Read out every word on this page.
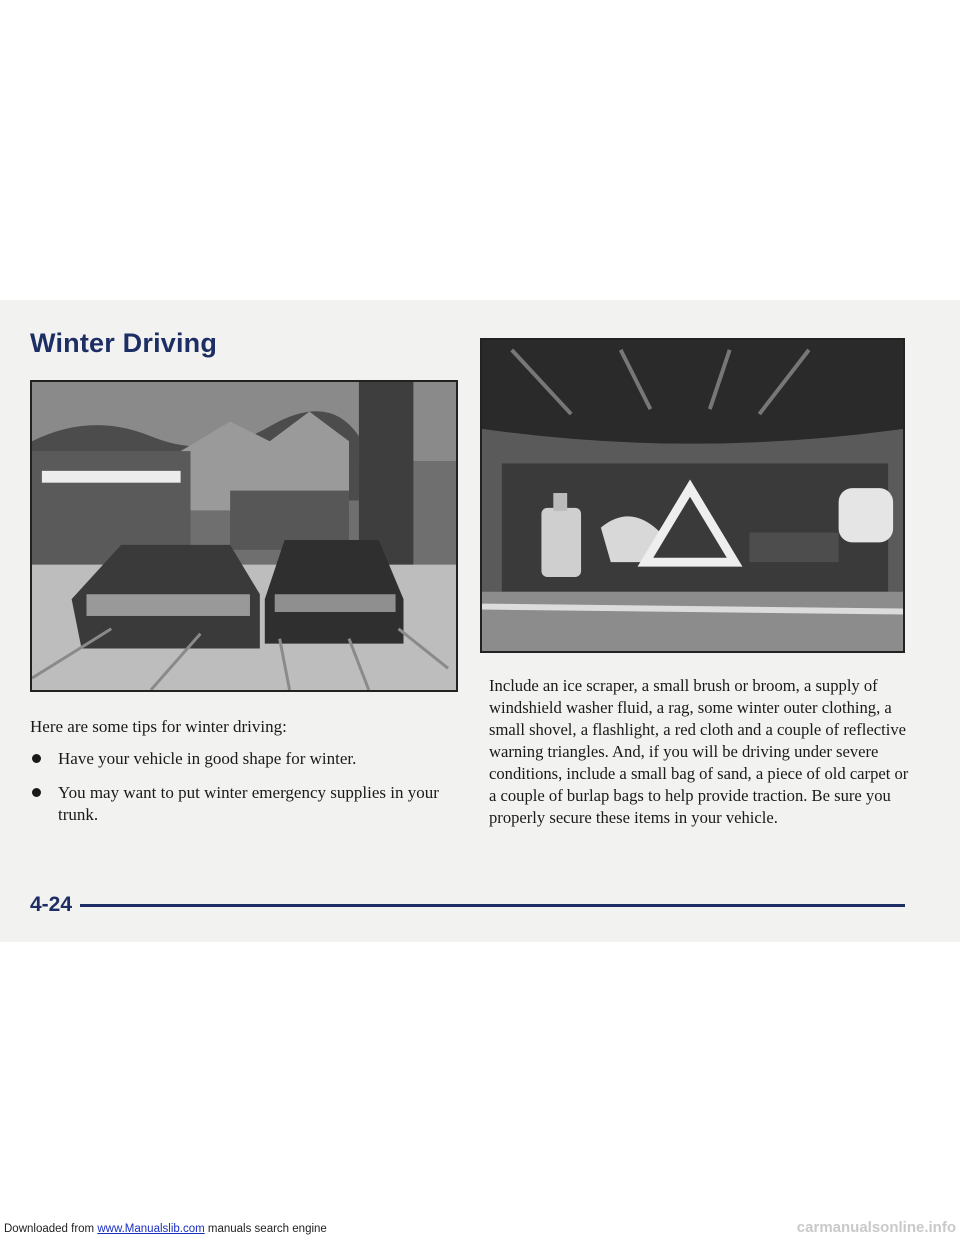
Winter Driving

Here are some tips for winter driving:

Have your vehicle in good shape for winter.
You may want to put winter emergency supplies in your trunk.

Include an ice scraper, a small brush or broom, a supply of windshield washer fluid, a rag, some winter outer clothing, a small shovel, a flashlight, a red cloth and a couple of reflective warning triangles. And, if you will be driving under severe conditions, include a small bag of sand, a piece of old carpet or a couple of burlap bags to help provide traction. Be sure you properly secure these items in your vehicle.

4-24

Downloaded from www.Manualslib.com manuals search engine	carmanualsonline.info
